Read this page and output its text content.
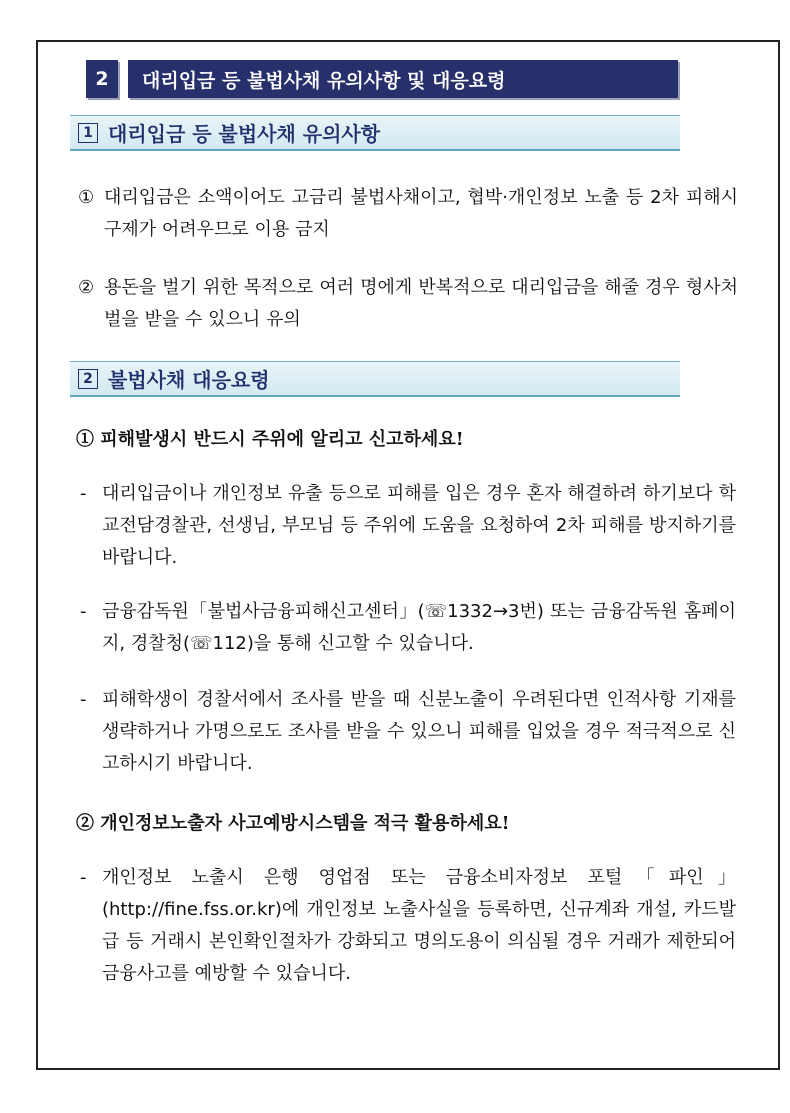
2	대리입금 등 불법사채 유의사항 및 대응요령
1 대리입금 등 불법사채 유의사항
① 대리입금은 소액이어도 고금리 불법사채이고, 협박·개인정보 노출 등 2차 피해시 구제가 어려우므로 이용 금지
② 용돈을 벌기 위한 목적으로 여러 명에게 반복적으로 대리입금을 해줄 경우 형사처벌을 받을 수 있으니 유의
2 불법사채 대응요령
① 피해발생시 반드시 주위에 알리고 신고하세요!
- 대리입금이나 개인정보 유출 등으로 피해를 입은 경우 혼자 해결하려 하기보다 학교전담경찰관, 선생님, 부모님 등 주위에 도움을 요청하여 2차 피해를 방지하기를 바랍니다.
- 금융감독원「불법사금융피해신고센터」(☏1332→3번) 또는 금융감독원 홈페이지, 경찰청(☏112)을 통해 신고할 수 있습니다.
- 피해학생이 경찰서에서 조사를 받을 때 신분노출이 우려된다면 인적사항 기재를 생략하거나 가명으로도 조사를 받을 수 있으니 피해를 입었을 경우 적극적으로 신고하시기 바랍니다.
② 개인정보노출자 사고예방시스템을 적극 활용하세요!
- 개인정보 노출시 은행 영업점 또는 금융소비자정보 포털「파인」(http://fine.fss.or.kr)에 개인정보 노출사실을 등록하면, 신규계좌 개설, 카드발급 등 거래시 본인확인절차가 강화되고 명의도용이 의심될 경우 거래가 제한되어 금융사고를 예방할 수 있습니다.
